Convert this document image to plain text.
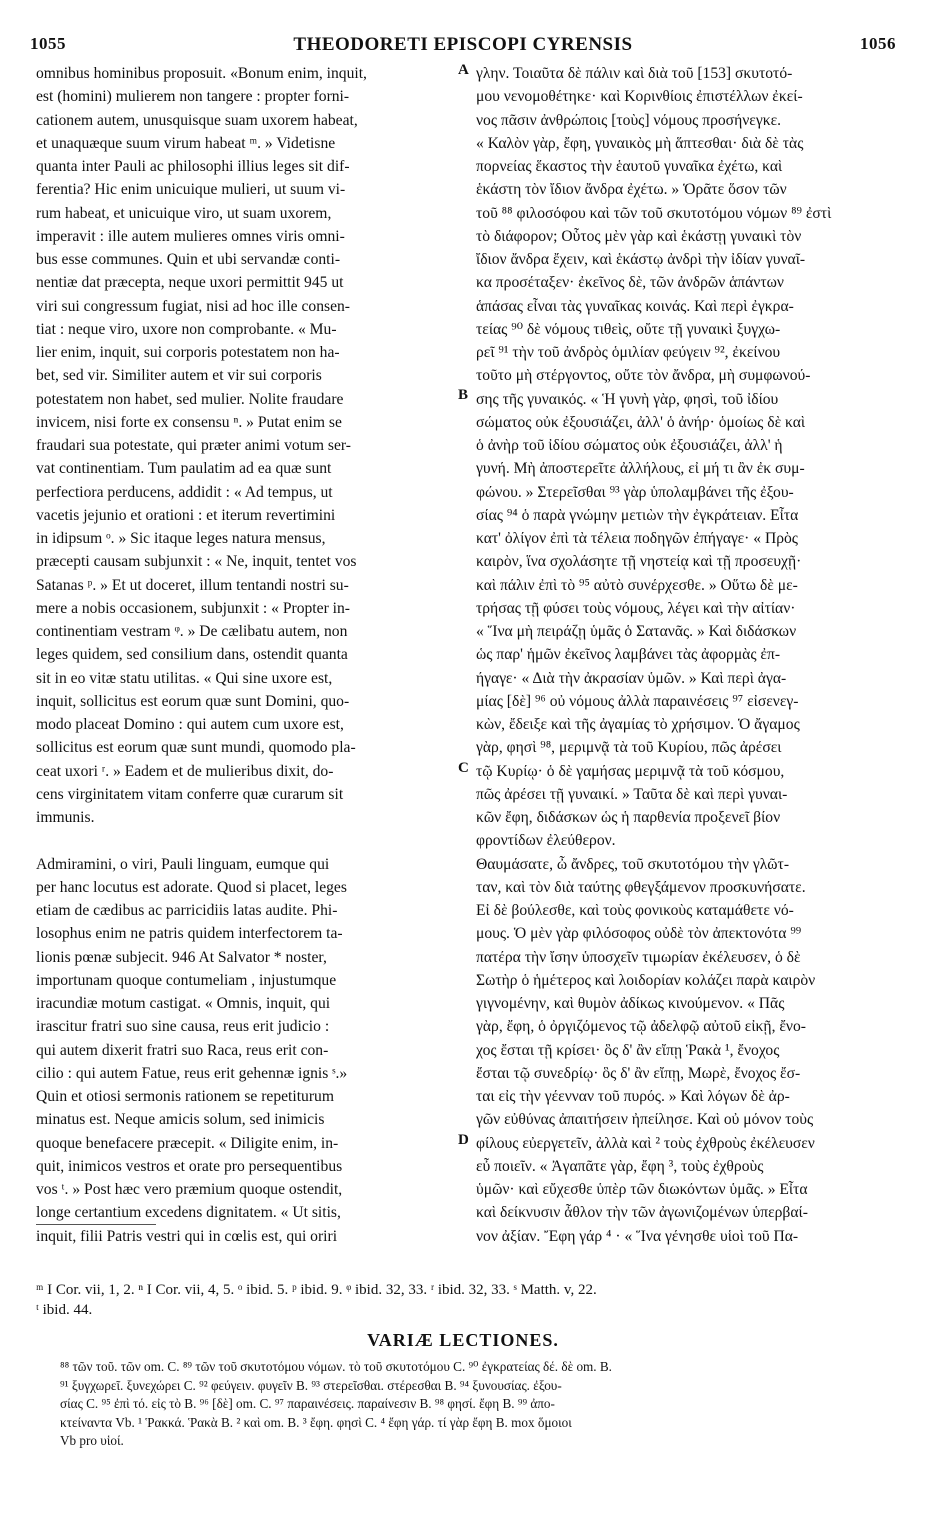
1055	THEODORETI EPISCOPI CYRENSIS	1056
omnibus hominibus proposuit. «Bonum enim, inquit,
est (homini) mulierem non tangere : propter forni-
cationem autem, unusquisque suam uxorem habeat,
et unaquæque suum virum habeat ᵐ. » Videtisne
quanta inter Pauli ac philosophi illius leges sit dif-
ferentia? Hic enim unicuique mulieri, ut suum vi-
rum habeat, et unicuique viro, ut suam uxorem,
imperavit : ille autem mulieres omnes viris omni-
bus esse communes. Quin et ubi servandæ conti-
nentiæ dat præcepta, neque uxori permittit 945 ut
viri sui congressum fugiat, nisi ad hoc ille consen-
tiat : neque viro, uxore non comprobante. « Mu-
lier enim, inquit, sui corporis potestatem non ha-
bet, sed vir. Similiter autem et vir sui corporis
potestatem non habet, sed mulier. Nolite fraudare
invicem, nisi forte ex consensu ⁿ. » Putat enim se
fraudari sua potestate, qui præter animi votum ser-
vat continentiam. Tum paulatim ad ea quæ sunt
perfectiora perducens, addidit : « Ad tempus, ut
vacetis jejunio et orationi : et iterum revertimini
in idipsum ᵒ. » Sic itaque leges natura mensus,
præcepti causam subjunxit : « Ne, inquit, tentet vos
Satanas ᵖ. » Et ut doceret, illum tentandi nostri su-
mere a nobis occasionem, subjunxit : « Propter in-
continentiam vestram ᵠ. » De cælibatu autem, non
leges quidem, sed consilium dans, ostendit quanta
sit in eo vitæ statu utilitas. « Qui sine uxore est,
inquit, sollicitus est eorum quæ sunt Domini, quo-
modo placeat Domino : qui autem cum uxore est,
sollicitus est eorum quæ sunt mundi, quomodo pla-
ceat uxori ʳ. » Eadem et de mulieribus dixit, do-
cens virginitatem vitam conferre quæ curarum sit
immunis.
Admiramini, o viri, Pauli linguam, eumque qui
per hanc locutus est adorate. Quod si placet, leges
etiam de cædibus ac parricidiis latas audite. Phi-
losophus enim ne patris quidem interfectorem ta-
lionis pœnæ subjecit. 946 At Salvator * noster,
importunam quoque contumeliam , injustumque
iracundiæ motum castigat. « Omnis, inquit, qui
irascitur fratri suo sine causa, reus erit judicio :
qui autem dixerit fratri suo Raca, reus erit con-
cilio : qui autem Fatue, reus erit gehennæ ignis ˢ.»
Quin et otiosi sermonis rationem se repetiturum
minatus est. Neque amicis solum, sed inimicis
quoque benefacere præcepit. « Diligite enim, in-
quit, inimicos vestros et orate pro persequentibus
vos ᵗ. » Post hæc vero præmium quoque ostendit,
longe certantium excedens dignitatem. « Ut sitis,
inquit, filii Patris vestri qui in cœlis est, qui oriri
A
B
C
D
γλην. Τοιαῦτα δὲ πάλιν καὶ διὰ τοῦ [153] σκυτοτό-
μου νενομοθέτηκε· καὶ Κορινθίοις ἐπιστέλλων ἐκεί-
νος πᾶσιν ἀνθρώποις [τοὺς] νόμους προσήνεγκε.
« Καλὸν γὰρ, ἔφη, γυναικὸς μὴ ἅπτεσθαι· διὰ δὲ τὰς
πορνείας ἕκαστος τὴν ἑαυτοῦ γυναῖκα ἐχέτω, καὶ
ἑκάστη τὸν ἴδιον ἄνδρα ἐχέτω. » Ὁρᾶτε ὅσον τῶν
τοῦ ⁸⁸ φιλοσόφου καὶ τῶν τοῦ σκυτοτόμου νόμων ⁸⁹ ἐστὶ
τὸ διάφορον; Οὗτος μὲν γὰρ καὶ ἑκάστῃ γυναικὶ τὸν
ἴδιον ἄνδρα ἔχειν, καὶ ἑκάστῳ ἀνδρὶ τὴν ἰδίαν γυναῖ-
κα προσέταξεν· ἐκεῖνος δὲ, τῶν ἀνδρῶν ἁπάντων
ἁπάσας εἶναι τὰς γυναῖκας κοινάς. Καὶ περὶ ἐγκρα-
τείας ⁹⁰ δὲ νόμους τιθεὶς, οὔτε τῇ γυναικὶ ξυγχω-
ρεῖ ⁹¹ τὴν τοῦ ἀνδρὸς ὁμιλίαν φεύγειν ⁹², ἐκείνου
τοῦτο μὴ στέργοντος, οὔτε τὸν ἄνδρα, μὴ συμφωνού-
σης τῆς γυναικός. « Ἡ γυνὴ γὰρ, φησὶ, τοῦ ἰδίου
σώματος οὐκ ἐξουσιάζει, ἀλλ' ὁ ἀνήρ· ὁμοίως δὲ καὶ
ὁ ἀνὴρ τοῦ ἰδίου σώματος οὐκ ἐξουσιάζει, ἀλλ' ἡ
γυνή. Μὴ ἀποστερεῖτε ἀλλήλους, εἰ μή τι ἂν ἐκ συμ-
φώνου. » Στερεῖσθαι ⁹³ γὰρ ὑπολαμβάνει τῆς ἐξου-
σίας ⁹⁴ ὁ παρὰ γνώμην μετιὼν τὴν ἐγκράτειαν. Εἶτα
κατ' ὀλίγον ἐπὶ τὰ τέλεια ποδηγῶν ἐπήγαγε· « Πρὸς
καιρὸν, ἵνα σχολάσητε τῇ νηστείᾳ καὶ τῇ προσευχῇ·
καὶ πάλιν ἐπὶ τὸ ⁹⁵ αὐτὸ συνέρχεσθε. » Οὕτω δὲ με-
τρήσας τῇ φύσει τοὺς νόμους, λέγει καὶ τὴν αἰτίαν·
« Ἵνα μὴ πειράζῃ ὑμᾶς ὁ Σατανᾶς. » Καὶ διδάσκων
ὡς παρ' ἡμῶν ἐκεῖνος λαμβάνει τὰς ἀφορμὰς ἐπ-
ήγαγε· « Διὰ τὴν ἀκρασίαν ὑμῶν. » Καὶ περὶ ἀγα-
μίας [δὲ] ⁹⁶ οὐ νόμους ἀλλὰ παραινέσεις ⁹⁷ εἰσενεγ-
κὼν, ἔδειξε καὶ τῆς ἀγαμίας τὸ χρήσιμον. Ὁ ἄγαμος
γὰρ, φησὶ ⁹⁸, μεριμνᾷ τὰ τοῦ Κυρίου, πῶς ἀρέσει
τῷ Κυρίῳ· ὁ δὲ γαμήσας μεριμνᾷ τὰ τοῦ κόσμου,
πῶς ἀρέσει τῇ γυναικί. » Ταῦτα δὲ καὶ περὶ γυναι-
κῶν ἔφη, διδάσκων ὡς ἡ παρθενία προξενεῖ βίον
φροντίδων ἐλεύθερον.
Θαυμάσατε, ὦ ἄνδρες, τοῦ σκυτοτόμου τὴν γλῶτ-
ταν, καὶ τὸν διὰ ταύτης φθεγξάμενον προσκυνήσατε.
Εἰ δὲ βούλεσθε, καὶ τοὺς φονικοὺς καταμάθετε νό-
μους. Ὁ μὲν γὰρ φιλόσοφος οὐδὲ τὸν ἀπεκτονότα ⁹⁹
πατέρα τὴν ἴσην ὑποσχεῖν τιμωρίαν ἐκέλευσεν, ὁ δὲ
Σωτὴρ ὁ ἡμέτερος καὶ λοιδορίαν κολάζει παρὰ καιρὸν
γιγνομένην, καὶ θυμὸν ἀδίκως κινούμενον. « Πᾶς
γὰρ, ἔφη, ὁ ὀργιζόμενος τῷ ἀδελφῷ αὐτοῦ εἰκῇ, ἔνο-
χος ἔσται τῇ κρίσει· ὃς δ' ἂν εἴπῃ Ῥακὰ ¹, ἔνοχος
ἔσται τῷ συνεδρίῳ· ὃς δ' ἂν εἴπῃ, Μωρὲ, ἔνοχος ἔσ-
ται εἰς τὴν γέενναν τοῦ πυρός. » Καὶ λόγων δὲ ἀρ-
γῶν εὐθύνας ἀπαιτήσειν ἠπείλησε. Καὶ οὐ μόνον τοὺς
φίλους εὐεργετεῖν, ἀλλὰ καὶ ² τοὺς ἐχθροὺς ἐκέλευσεν
εὖ ποιεῖν. « Ἀγαπᾶτε γὰρ, ἔφη ³, τοὺς ἐχθροὺς
ὑμῶν· καὶ εὔχεσθε ὑπὲρ τῶν διωκόντων ὑμᾶς. » Εἶτα
καὶ δείκνυσιν ἆθλον τὴν τῶν ἀγωνιζομένων ὑπερβαί-
νον ἀξίαν. Ἔφη γάρ ⁴ · « Ἵνα γένησθε υἱοὶ τοῦ Πα-
ᵐ I Cor. vii, 1, 2. ⁿ I Cor. vii, 4, 5. ᵒ ibid. 5. ᵖ ibid. 9. ᵠ ibid. 32, 33. ʳ ibid. 32, 33. ˢ Matth. v, 22.
ᵗ ibid. 44.
VARIÆ LECTIONES.
⁸⁸ τῶν τοῦ. τῶν om. C. ⁸⁹ τῶν τοῦ σκυτοτόμου νόμων. τὸ τοῦ σκυτοτόμου C. ⁹⁰ ἐγκρατείας δέ. δὲ om. B.
⁹¹ ξυγχωρεῖ. ξυνεχώρει C. ⁹² φεύγειν. φυγεῖν B. ⁹³ στερεῖσθαι. στέρεσθαι B. ⁹⁴ ξυνουσίας. ἐξου-
σίας C. ⁹⁵ ἐπὶ τό. εἰς τὸ B. ⁹⁶ [δὲ] om. C. ⁹⁷ παραινέσεις. παραίνεσιν B. ⁹⁸ φησί. ἔφη B. ⁹⁹ ἀπο-
κτείναντα Vb. ¹ Ῥακκά. Ῥακὰ B. ² καὶ om. B. ³ ἔφη. φησὶ C. ⁴ ἔφη γάρ. τί γὰρ ἔφη B. mox ὅμοιοι
Vb pro υἱοί.
